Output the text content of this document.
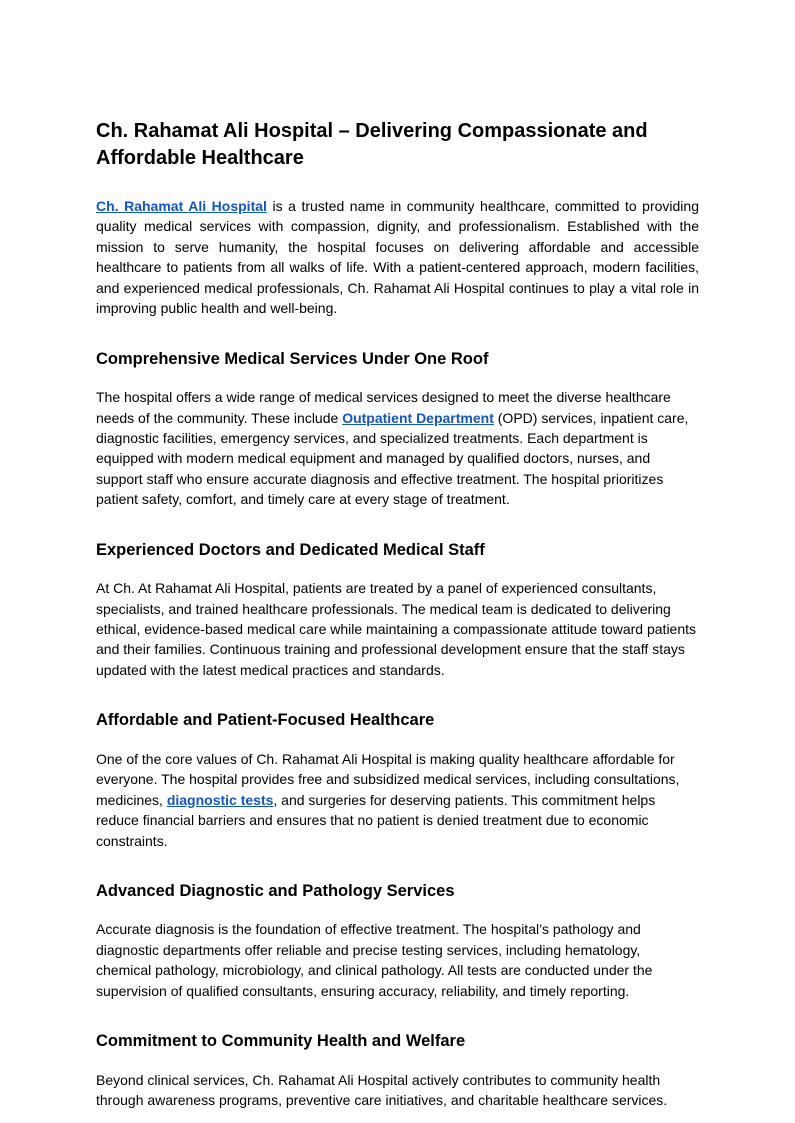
Ch. Rahamat Ali Hospital – Delivering Compassionate and Affordable Healthcare

Ch. Rahamat Ali Hospital is a trusted name in community healthcare, committed to providing quality medical services with compassion, dignity, and professionalism. Established with the mission to serve humanity, the hospital focuses on delivering affordable and accessible healthcare to patients from all walks of life. With a patient-centered approach, modern facilities, and experienced medical professionals, Ch. Rahamat Ali Hospital continues to play a vital role in improving public health and well-being.

Comprehensive Medical Services Under One Roof

The hospital offers a wide range of medical services designed to meet the diverse healthcare needs of the community. These include Outpatient Department (OPD) services, inpatient care, diagnostic facilities, emergency services, and specialized treatments. Each department is equipped with modern medical equipment and managed by qualified doctors, nurses, and support staff who ensure accurate diagnosis and effective treatment. The hospital prioritizes patient safety, comfort, and timely care at every stage of treatment.

Experienced Doctors and Dedicated Medical Staff

At Ch. At Rahamat Ali Hospital, patients are treated by a panel of experienced consultants, specialists, and trained healthcare professionals. The medical team is dedicated to delivering ethical, evidence-based medical care while maintaining a compassionate attitude toward patients and their families. Continuous training and professional development ensure that the staff stays updated with the latest medical practices and standards.

Affordable and Patient-Focused Healthcare

One of the core values of Ch. Rahamat Ali Hospital is making quality healthcare affordable for everyone. The hospital provides free and subsidized medical services, including consultations, medicines, diagnostic tests, and surgeries for deserving patients. This commitment helps reduce financial barriers and ensures that no patient is denied treatment due to economic constraints.

Advanced Diagnostic and Pathology Services

Accurate diagnosis is the foundation of effective treatment. The hospital’s pathology and diagnostic departments offer reliable and precise testing services, including hematology, chemical pathology, microbiology, and clinical pathology. All tests are conducted under the supervision of qualified consultants, ensuring accuracy, reliability, and timely reporting.

Commitment to Community Health and Welfare

Beyond clinical services, Ch. Rahamat Ali Hospital actively contributes to community health through awareness programs, preventive care initiatives, and charitable healthcare services.
